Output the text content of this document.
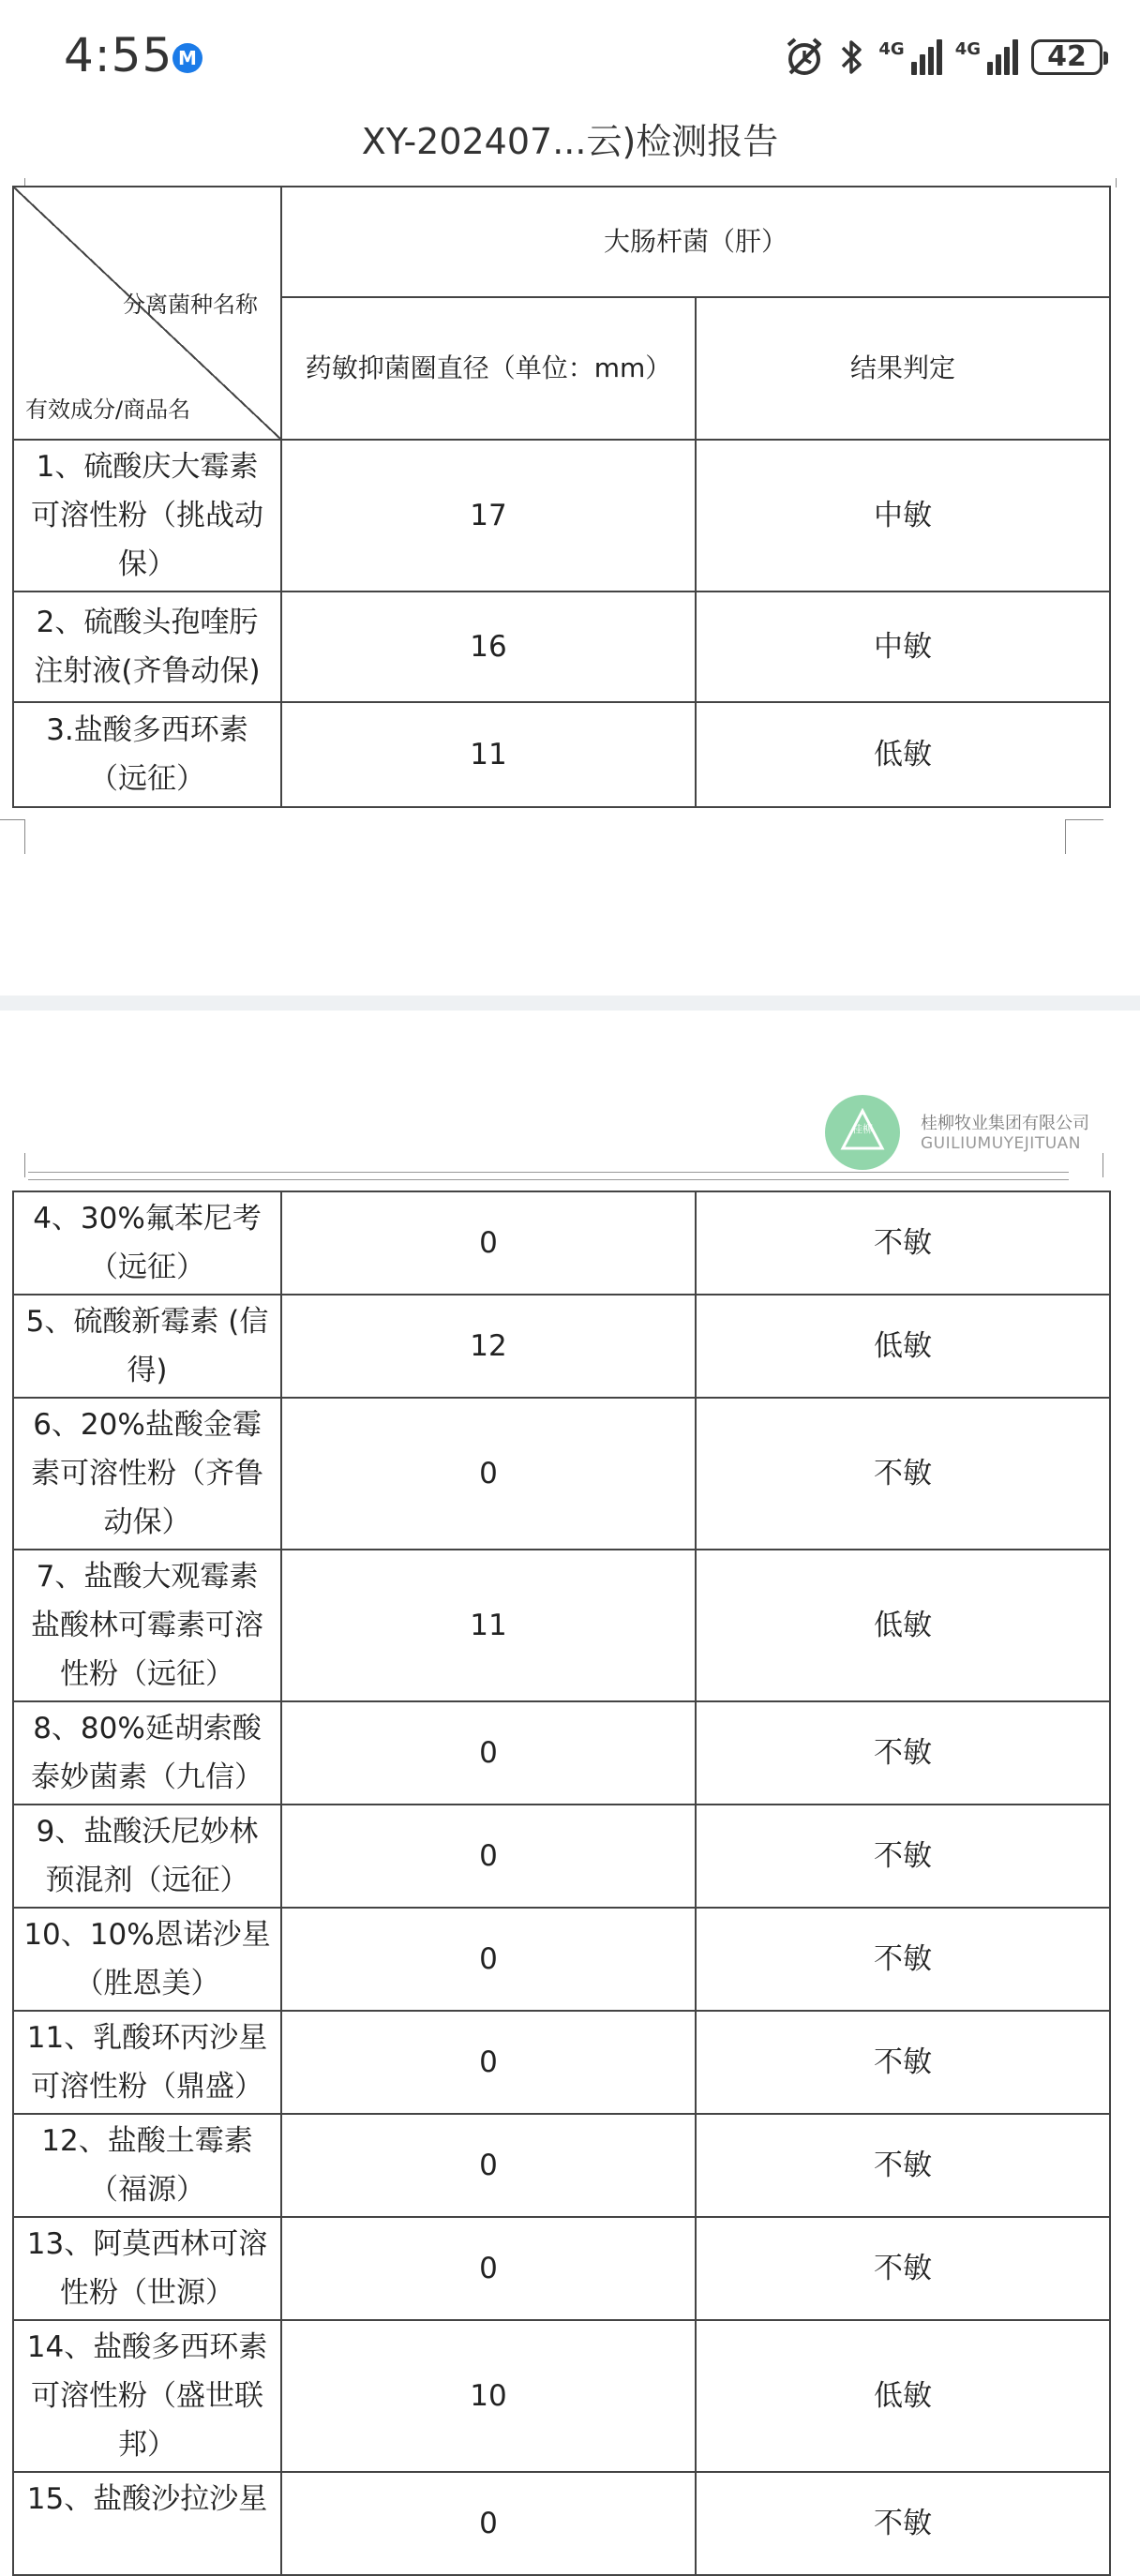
4:55 M	4G	4G	42
XY-202407...云)检测报告
分离菌种名称
有效成分/商品名	大肠杆菌（肝）	
	药敏抑菌圈直径（单位：mm）	结果判定
1、硫酸庆大霉素可溶性粉（挑战动保）	17	中敏
2、硫酸头孢喹肟注射液(齐鲁动保)	16	中敏
3.盐酸多西环素（远征）	11	低敏
桂柳	桂柳牧业集团有限公司
GUILIUMUYEJITUAN
4、30%氟苯尼考（远征）	0	不敏
5、硫酸新霉素 (信得)	12	低敏
6、20%盐酸金霉素可溶性粉（齐鲁动保）	0	不敏
7、盐酸大观霉素盐酸林可霉素可溶性粉（远征）	11	低敏
8、80%延胡索酸泰妙菌素（九信）	0	不敏
9、盐酸沃尼妙林预混剂（远征）	0	不敏
10、10%恩诺沙星（胜恩美）	0	不敏
11、乳酸环丙沙星可溶性粉（鼎盛）	0	不敏
12、盐酸土霉素（福源）	0	不敏
13、阿莫西林可溶性粉（世源）	0	不敏
14、盐酸多西环素可溶性粉（盛世联邦）	10	低敏
15、盐酸沙拉沙星	0	不敏
